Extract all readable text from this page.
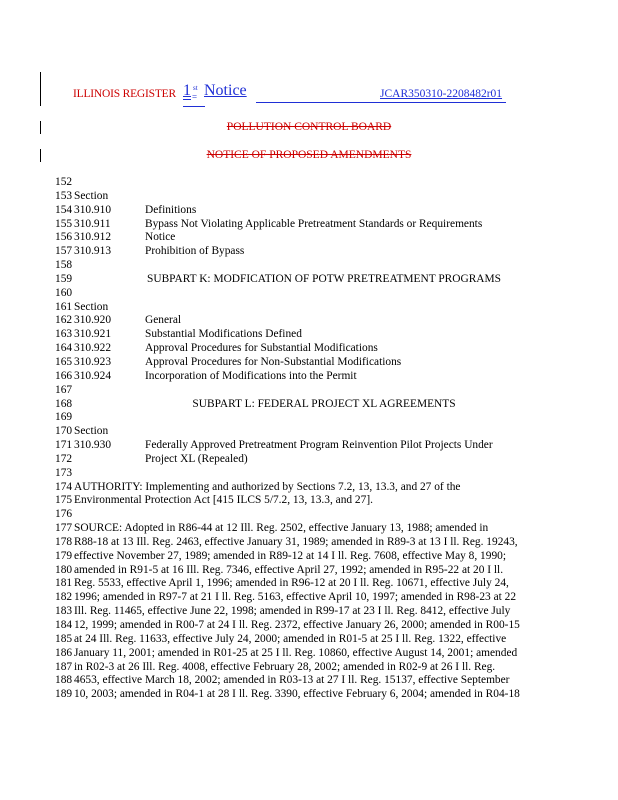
ILLINOIS REGISTER 1 st
= Notice	JCAR350310-2208482r01
POLLUTION CONTROL BOARD
NOTICE OF PROPOSED AMENDMENTS
152
153 Section
154 310.910	Definitions
155 310.911	Bypass Not Violating Applicable Pretreatment Standards or Requirements
156 310.912	Notice
157 310.913	Prohibition of Bypass
158
159	SUBPART K: MODFICATION OF POTW PRETREATMENT PROGRAMS
160
161 Section
162 310.920	General
163 310.921	Substantial Modifications Defined
164 310.922	Approval Procedures for Substantial Modifications
165 310.923	Approval Procedures for Non-Substantial Modifications
166 310.924	Incorporation of Modifications into the Permit
167
168	SUBPART L: FEDERAL PROJECT XL AGREEMENTS
169
170 Section
171 310.930	Federally Approved Pretreatment Program Reinvention Pilot Projects Under
172	Project XL (Repealed)
173
174 AUTHORITY: Implementing and authorized by Sections 7.2, 13, 13.3, and 27 of the
175 Environmental Protection Act [415 ILCS 5/7.2, 13, 13.3, and 27].
176
177 SOURCE: Adopted in R86-44 at 12 Ill. Reg. 2502, effective January 13, 1988; amended in
178 R88-18 at 13 Ill. Reg. 2463, effective January 31, 1989; amended in R89-3 at 13 I ll. Reg. 19243,
179 effective November 27, 1989; amended in R89-12 at 14 I ll. Reg. 7608, effective May 8, 1990;
180 amended in R91-5 at 16 Ill. Reg. 7346, effective April 27, 1992; amended in R95-22 at 20 I ll.
181 Reg. 5533, effective April 1, 1996; amended in R96-12 at 20 I ll. Reg. 10671, effective July 24,
182 1996; amended in R97-7 at 21 I ll. Reg. 5163, effective April 10, 1997; amended in R98-23 at 22
183 Ill. Reg. 11465, effective June 22, 1998; amended in R99-17 at 23 I ll. Reg. 8412, effective July
184 12, 1999; amended in R00-7 at 24 I ll. Reg. 2372, effective January 26, 2000; amended in R00-15
185 at 24 Ill. Reg. 11633, effective July 24, 2000; amended in R01-5 at 25 I ll. Reg. 1322, effective
186 January 11, 2001; amended in R01-25 at 25 I ll. Reg. 10860, effective August 14, 2001; amended
187 in R02-3 at 26 Ill. Reg. 4008, effective February 28, 2002; amended in R02-9 at 26 I ll. Reg.
188 4653, effective March 18, 2002; amended in R03-13 at 27 I ll. Reg. 15137, effective September
189 10, 2003; amended in R04-1 at 28 I ll. Reg. 3390, effective February 6, 2004; amended in R04-18
